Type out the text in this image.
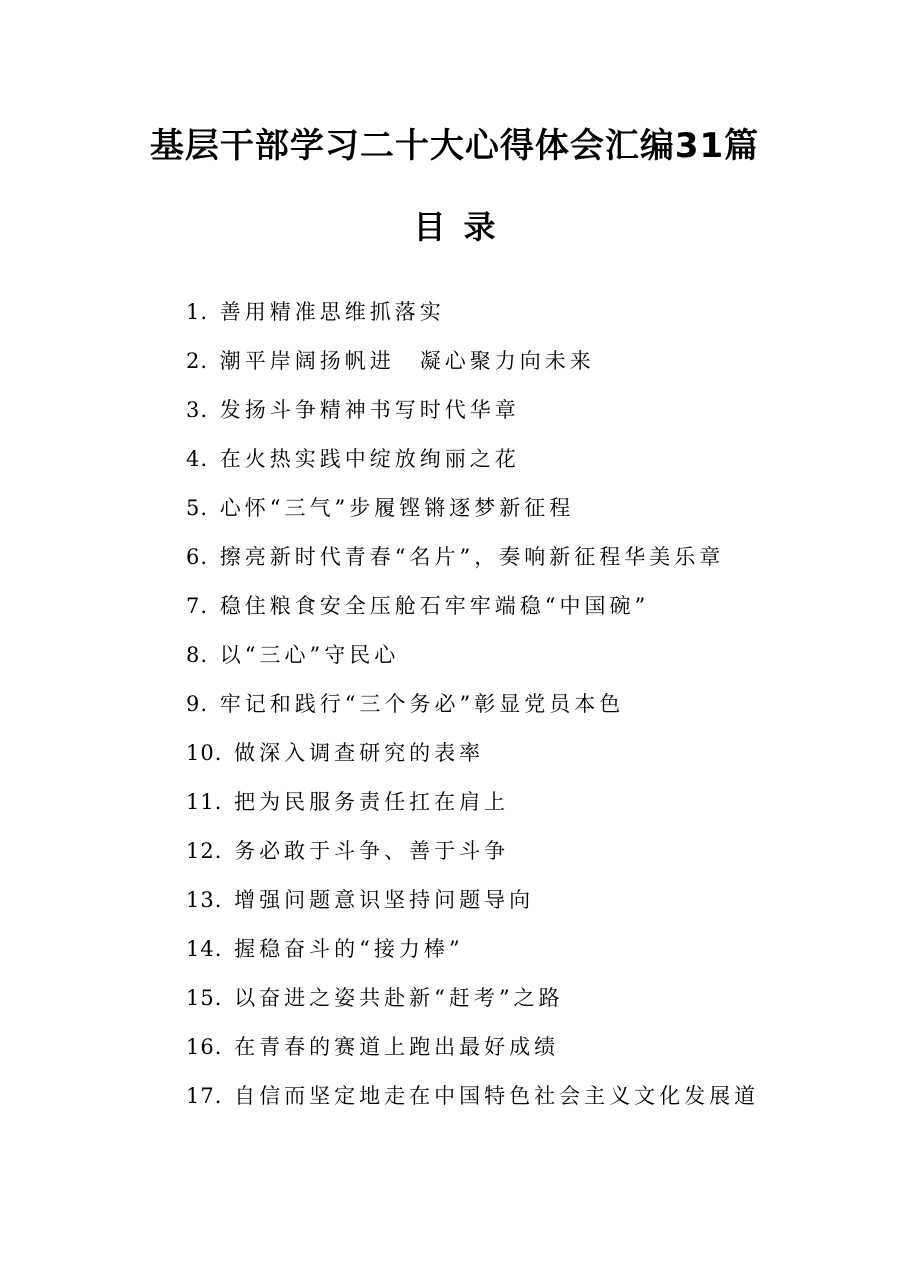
基层干部学习二十大心得体会汇编31篇
目录
1. 善用精准思维抓落实
2. 潮平岸阔扬帆进　凝心聚力向未来
3. 发扬斗争精神书写时代华章
4. 在火热实践中绽放绚丽之花
5. 心怀“三气”步履铿锵逐梦新征程
6. 擦亮新时代青春“名片”，奏响新征程华美乐章
7. 稳住粮食安全压舱石牢牢端稳“中国碗”
8. 以“三心”守民心
9. 牢记和践行“三个务必”彰显党员本色
10. 做深入调查研究的表率
11. 把为民服务责任扛在肩上
12. 务必敢于斗争、善于斗争
13. 增强问题意识坚持问题导向
14. 握稳奋斗的“接力棒”
15. 以奋进之姿共赴新“赶考”之路
16. 在青春的赛道上跑出最好成绩
17. 自信而坚定地走在中国特色社会主义文化发展道
